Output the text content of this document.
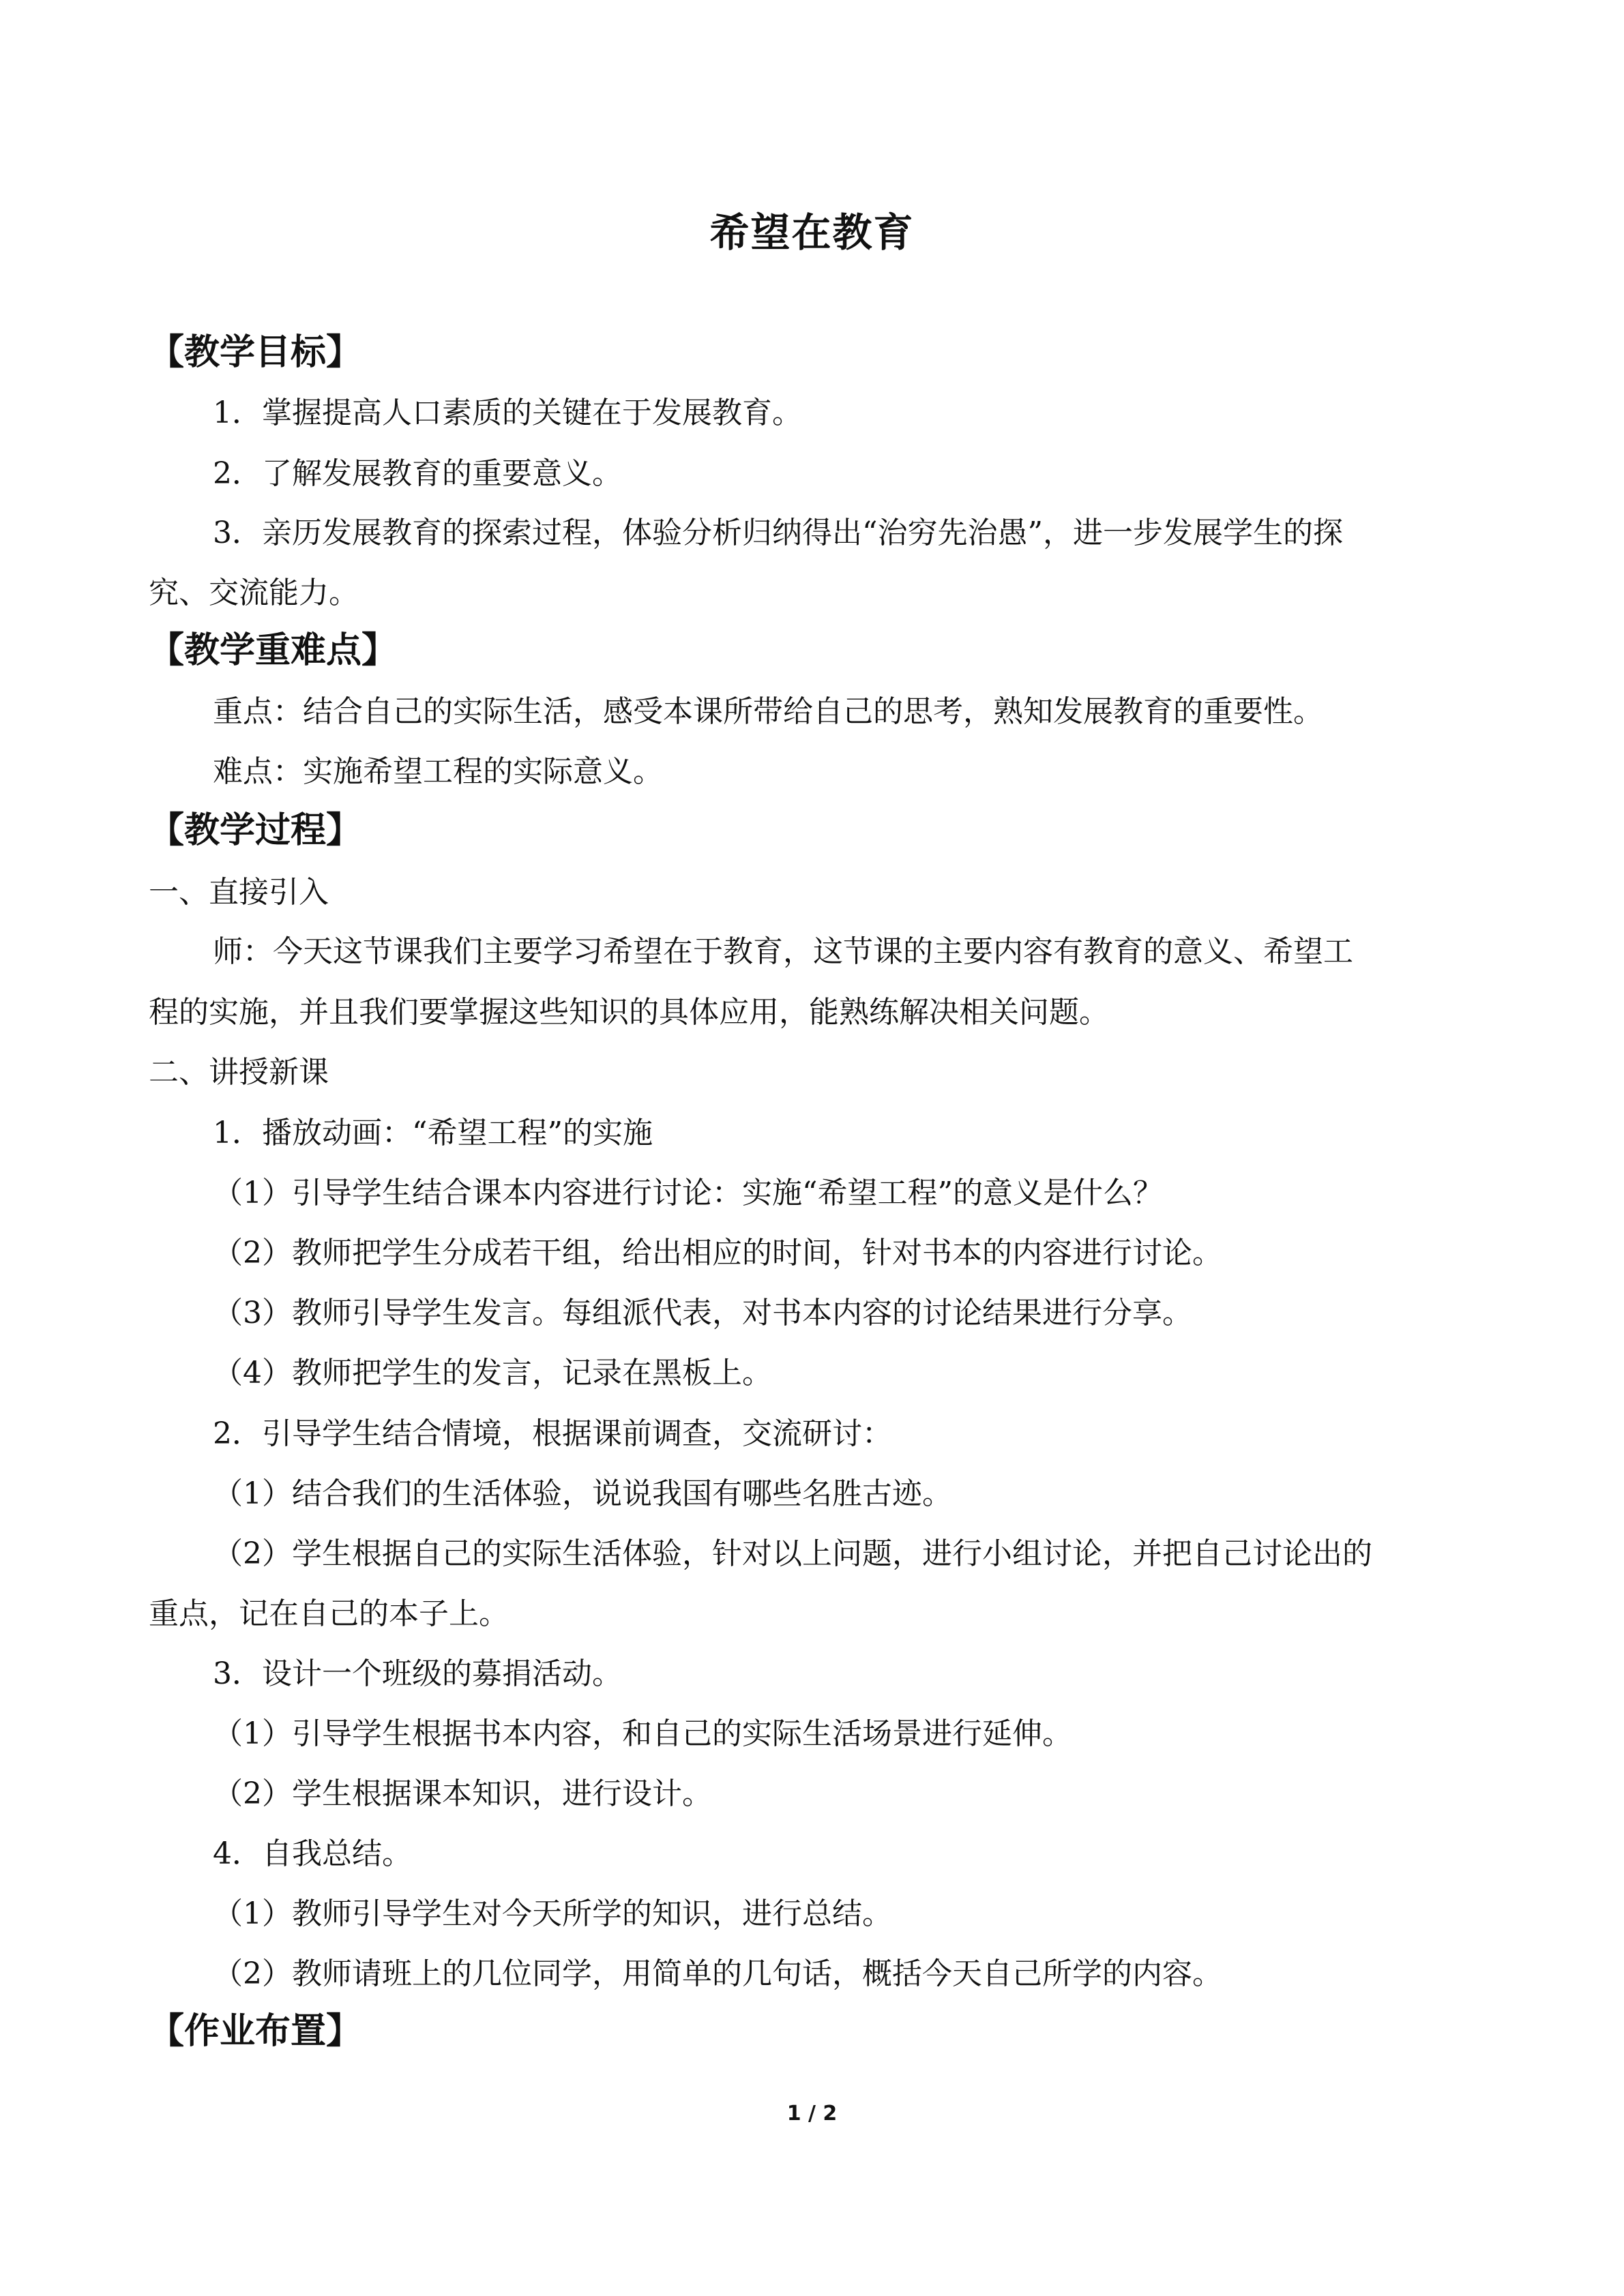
希望在教育
【教学目标】
1．掌握提高人口素质的关键在于发展教育。
2．了解发展教育的重要意义。
3．亲历发展教育的探索过程，体验分析归纳得出“治穷先治愚”，进一步发展学生的探
究、交流能力。
【教学重难点】
重点：结合自己的实际生活，感受本课所带给自己的思考，熟知发展教育的重要性。
难点：实施希望工程的实际意义。
【教学过程】
一、直接引入
师：今天这节课我们主要学习希望在于教育，这节课的主要内容有教育的意义、希望工
程的实施，并且我们要掌握这些知识的具体应用，能熟练解决相关问题。
二、讲授新课
1．播放动画：“希望工程”的实施
（1）引导学生结合课本内容进行讨论：实施“希望工程”的意义是什么？
（2）教师把学生分成若干组，给出相应的时间，针对书本的内容进行讨论。
（3）教师引导学生发言。每组派代表，对书本内容的讨论结果进行分享。
（4）教师把学生的发言，记录在黑板上。
2．引导学生结合情境，根据课前调查，交流研讨：
（1）结合我们的生活体验，说说我国有哪些名胜古迹。
（2）学生根据自己的实际生活体验，针对以上问题，进行小组讨论，并把自己讨论出的
重点，记在自己的本子上。
3．设计一个班级的募捐活动。
（1）引导学生根据书本内容，和自己的实际生活场景进行延伸。
（2）学生根据课本知识，进行设计。
4．自我总结。
（1）教师引导学生对今天所学的知识，进行总结。
（2）教师请班上的几位同学，用简单的几句话，概括今天自己所学的内容。
【作业布置】
1 / 2
